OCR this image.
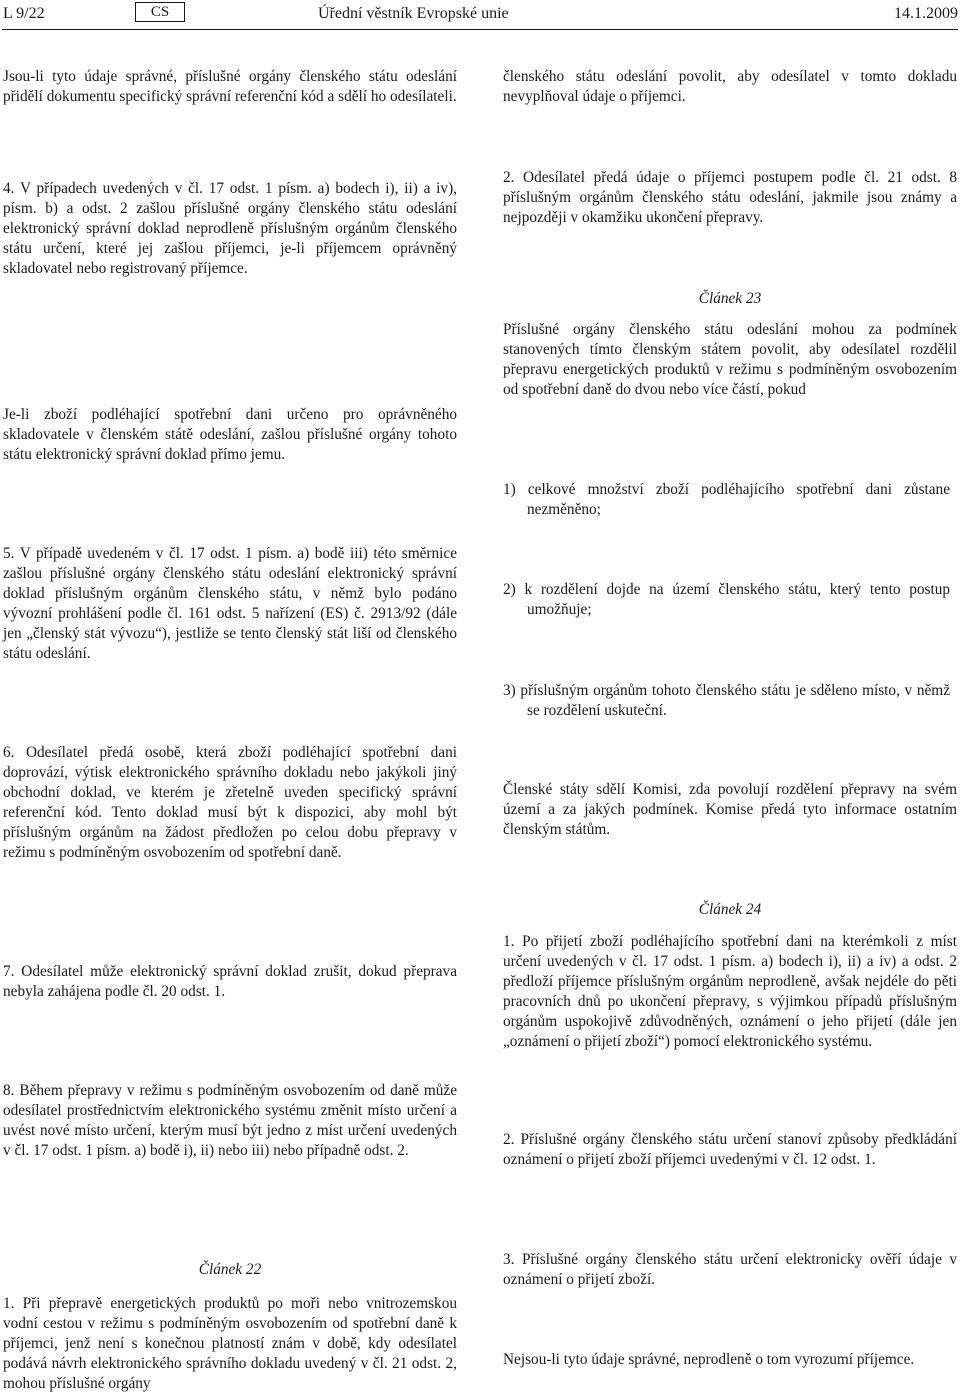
L 9/22	CS	Úřední věstník Evropské unie	14.1.2009

Jsou-li tyto údaje správné, příslušné orgány členského státu odeslání přidělí dokumentu specifický správní referenční kód a sdělí ho odesílateli.

4. V případech uvedených v čl. 17 odst. 1 písm. a) bodech i), ii) a iv), písm. b) a odst. 2 zašlou příslušné orgány členského státu odeslání elektronický správní doklad neprodleně příslušným orgánům členského státu určení, které jej zašlou příjemci, je-li příjemcem oprávněný skladovatel nebo registrovaný příjemce.

Je-li zboží podléhající spotřební dani určeno pro oprávněného skladovatele v členském státě odeslání, zašlou příslušné orgány tohoto státu elektronický správní doklad přímo jemu.

5. V případě uvedeném v čl. 17 odst. 1 písm. a) bodě iii) této směrnice zašlou příslušné orgány členského státu odeslání elektronický správní doklad příslušným orgánům členského státu, v němž bylo podáno vývozní prohlášení podle čl. 161 odst. 5 nařízení (ES) č. 2913/92 (dále jen „členský stát vývozu“), jestliže se tento členský stát liší od členského státu odeslání.

6. Odesílatel předá osobě, která zboží podléhající spotřební dani doprovází, výtisk elektronického správního dokladu nebo jakýkoli jiný obchodní doklad, ve kterém je zřetelně uveden specifický správní referenční kód. Tento doklad musí být k dispozici, aby mohl být příslušným orgánům na žádost předložen po celou dobu přepravy v režimu s podmíněným osvobozením od spotřební daně.

7. Odesílatel může elektronický správní doklad zrušit, dokud přeprava nebyla zahájena podle čl. 20 odst. 1.

8. Během přepravy v režimu s podmíněným osvobozením od daně může odesílatel prostřednictvím elektronického systému změnit místo určení a uvést nové místo určení, kterým musí být jedno z míst určení uvedených v čl. 17 odst. 1 písm. a) bodě i), ii) nebo iii) nebo případně odst. 2.

Článek 22

1. Při přepravě energetických produktů po moři nebo vnitrozemskou vodní cestou v režimu s podmíněným osvobozením od spotřební daně k příjemci, jenž není s konečnou platností znám v době, kdy odesílatel podává návrh elektronického správního dokladu uvedený v čl. 21 odst. 2, mohou příslušné orgány

členského státu odeslání povolit, aby odesílatel v tomto dokladu nevyplňoval údaje o příjemci.

2. Odesílatel předá údaje o příjemci postupem podle čl. 21 odst. 8 příslušným orgánům členského státu odeslání, jakmile jsou známy a nejpozději v okamžiku ukončení přepravy.

Článek 23

Příslušné orgány členského státu odeslání mohou za podmínek stanovených tímto členským státem povolit, aby odesílatel rozdělil přepravu energetických produktů v režimu s podmíněným osvobozením od spotřební daně do dvou nebo více částí, pokud

1) celkové množství zboží podléhajícího spotřební dani zůstane nezměněno;

2) k rozdělení dojde na území členského státu, který tento postup umožňuje;

3) příslušným orgánům tohoto členského státu je sděleno místo, v němž se rozdělení uskuteční.

Členské státy sdělí Komisi, zda povolují rozdělení přepravy na svém území a za jakých podmínek. Komise předá tyto informace ostatním členským státům.

Článek 24

1. Po přijetí zboží podléhajícího spotřební dani na kterémkoli z míst určení uvedených v čl. 17 odst. 1 písm. a) bodech i), ii) a iv) a odst. 2 předloží příjemce příslušným orgánům neprodleně, avšak nejdéle do pěti pracovních dnů po ukončení přepravy, s výjimkou případů příslušným orgánům uspokojivě zdůvodněných, oznámení o jeho přijetí (dále jen „oznámení o přijetí zboží“) pomocí elektronického systému.

2. Příslušné orgány členského státu určení stanoví způsoby předkládání oznámení o přijetí zboží příjemci uvedenými v čl. 12 odst. 1.

3. Příslušné orgány členského státu určení elektronicky ověří údaje v oznámení o přijetí zboží.

Nejsou-li tyto údaje správné, neprodleně o tom vyrozumí příjemce.
